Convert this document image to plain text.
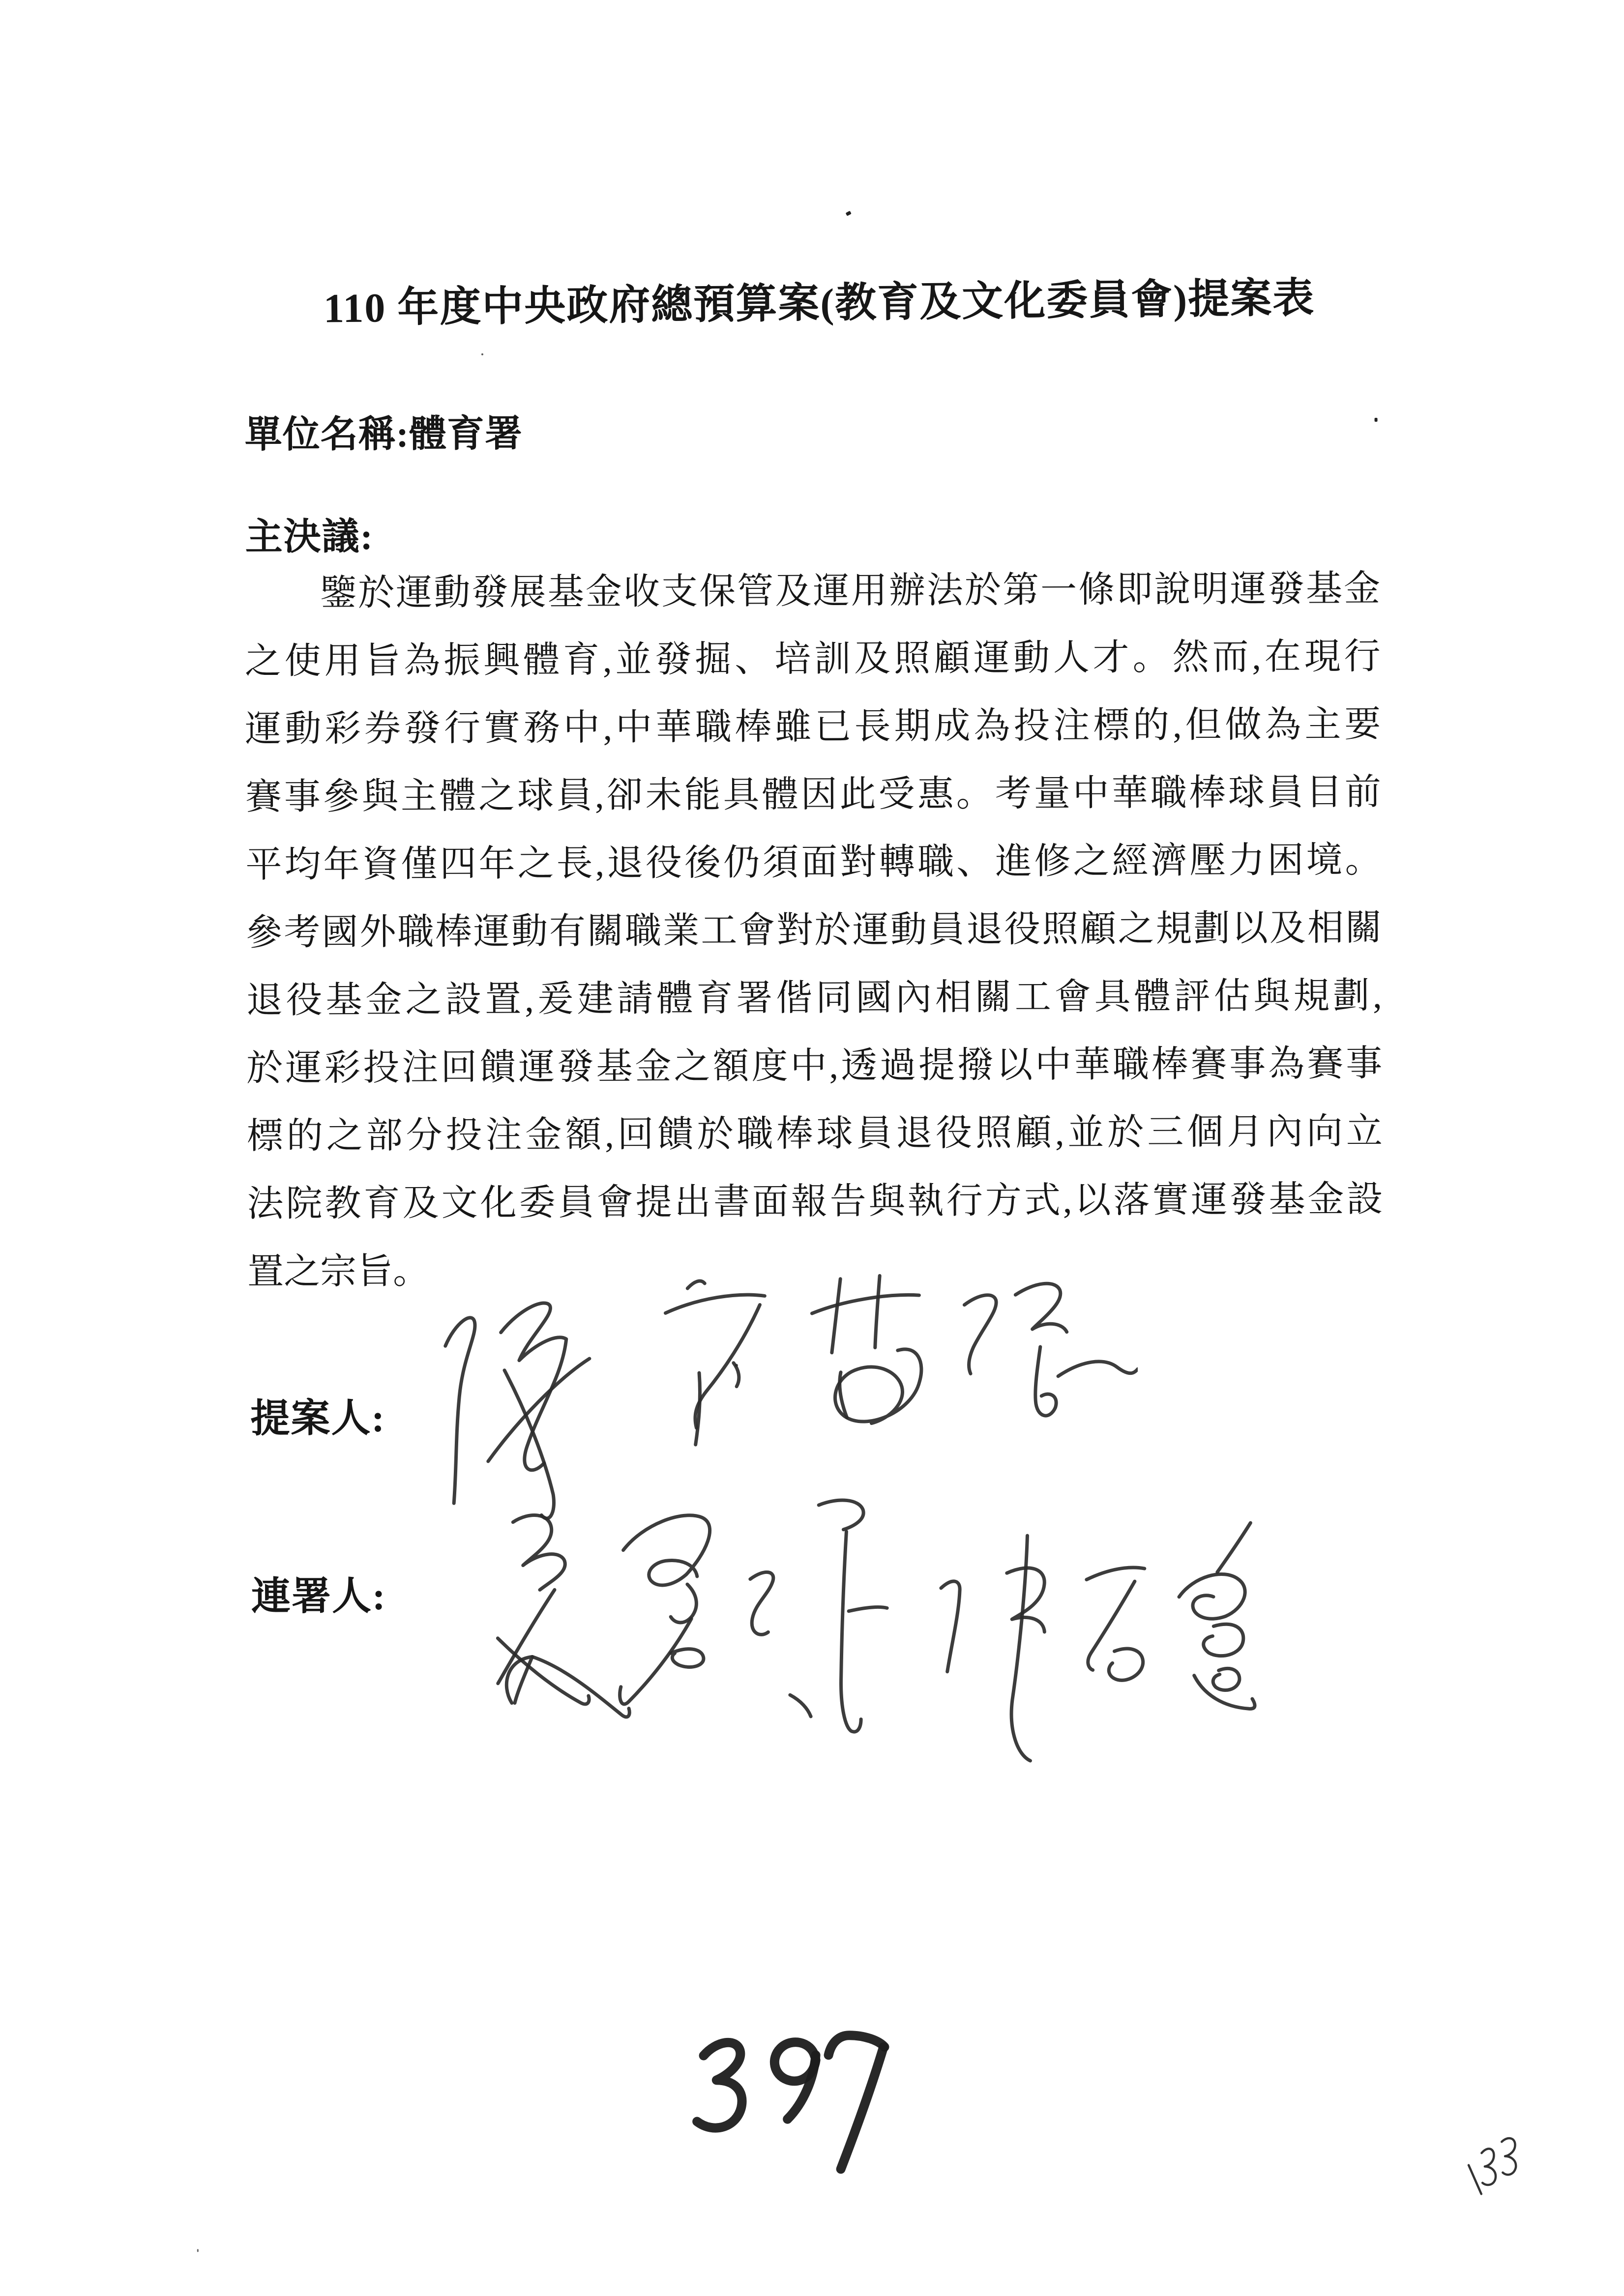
110 年度中央政府總預算案(教育及文化委員會)提案表
單位名稱:體育署
主決議:
鑒於運動發展基金收支保管及運用辦法於第一條即說明運發基金
之使用旨為振興體育,並發掘、培訓及照顧運動人才。然而,在現行
運動彩券發行實務中,中華職棒雖已長期成為投注標的,但做為主要
賽事參與主體之球員,卻未能具體因此受惠。考量中華職棒球員目前
平均年資僅四年之長,退役後仍須面對轉職、進修之經濟壓力困境。
參考國外職棒運動有關職業工會對於運動員退役照顧之規劃以及相關
退役基金之設置,爰建請體育署偕同國內相關工會具體評估與規劃,
於運彩投注回饋運發基金之額度中,透過提撥以中華職棒賽事為賽事
標的之部分投注金額,回饋於職棒球員退役照顧,並於三個月內向立
法院教育及文化委員會提出書面報告與執行方式,以落實運發基金設
置之宗旨。
提案人:
連署人:
